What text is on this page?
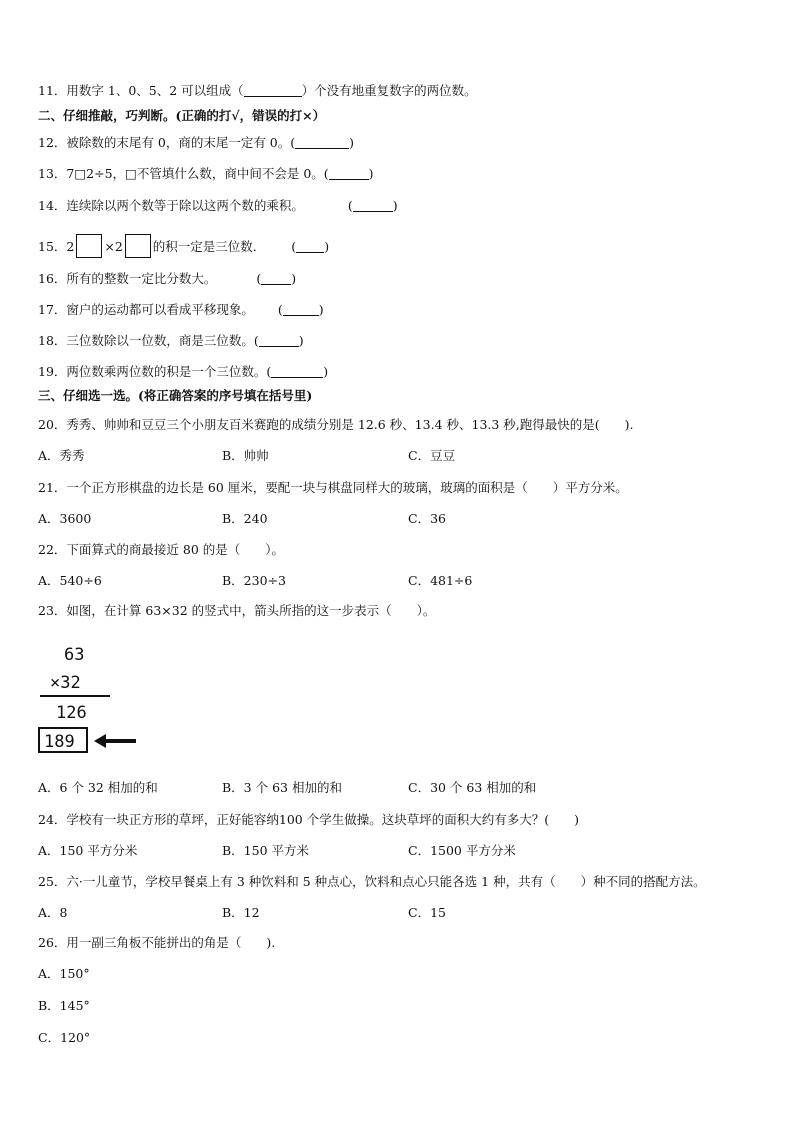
11．用数字 1、0、5、2 可以组成（	）个没有地重复数字的两位数。
二、仔细推敲，巧判断。(正确的打√，错误的打×）
12．被除数的末尾有 0，商的末尾一定有 0。(	)
13．7□2÷5，□不管填什么数，商中间不会是 0。(	)
14．连续除以两个数等于除以这两个数的乘积。	(	)
15．2 ×2 的积一定是三位数． ( )
16．所有的整数一定比分数大。	( )
17．窗户的运动都可以看成平移现象。 (	)
18．三位数除以一位数，商是三位数。(	)
19．两位数乘两位数的积是一个三位数。(	)
三、仔细选一选。(将正确答案的序号填在括号里)
20．秀秀、帅帅和豆豆三个小朋友百米赛跑的成绩分别是 12.6 秒、13.4 秒、13.3 秒,跑得最快的是(　　).
A．秀秀	B．帅帅	C．豆豆
21．一个正方形棋盘的边长是 60 厘米，要配一块与棋盘同样大的玻璃，玻璃的面积是（　　）平方分米。
A．3600	B．240	C．36
22．下面算式的商最接近 80 的是（　　）。
A．540÷6	B．230÷3	C．481÷6
23．如图，在计算 63×32 的竖式中，箭头所指的这一步表示（　　）。
63
×32
126
189
A．6 个 32 相加的和	B．3 个 63 相加的和	C．30 个 63 相加的和
24．学校有一块正方形的草坪，正好能容纳100 个学生做操。这块草坪的面积大约有多大？(　　)
A．150 平方分米	B．150 平方米	C．1500 平方分米
25．六·一儿童节，学校早餐桌上有 3 种饮料和 5 种点心，饮料和点心只能各选 1 种，共有（　　）种不同的搭配方法。
A．8	B．12	C．15
26．用一副三角板不能拼出的角是（　　).
A．150°
B．145°
C．120°
